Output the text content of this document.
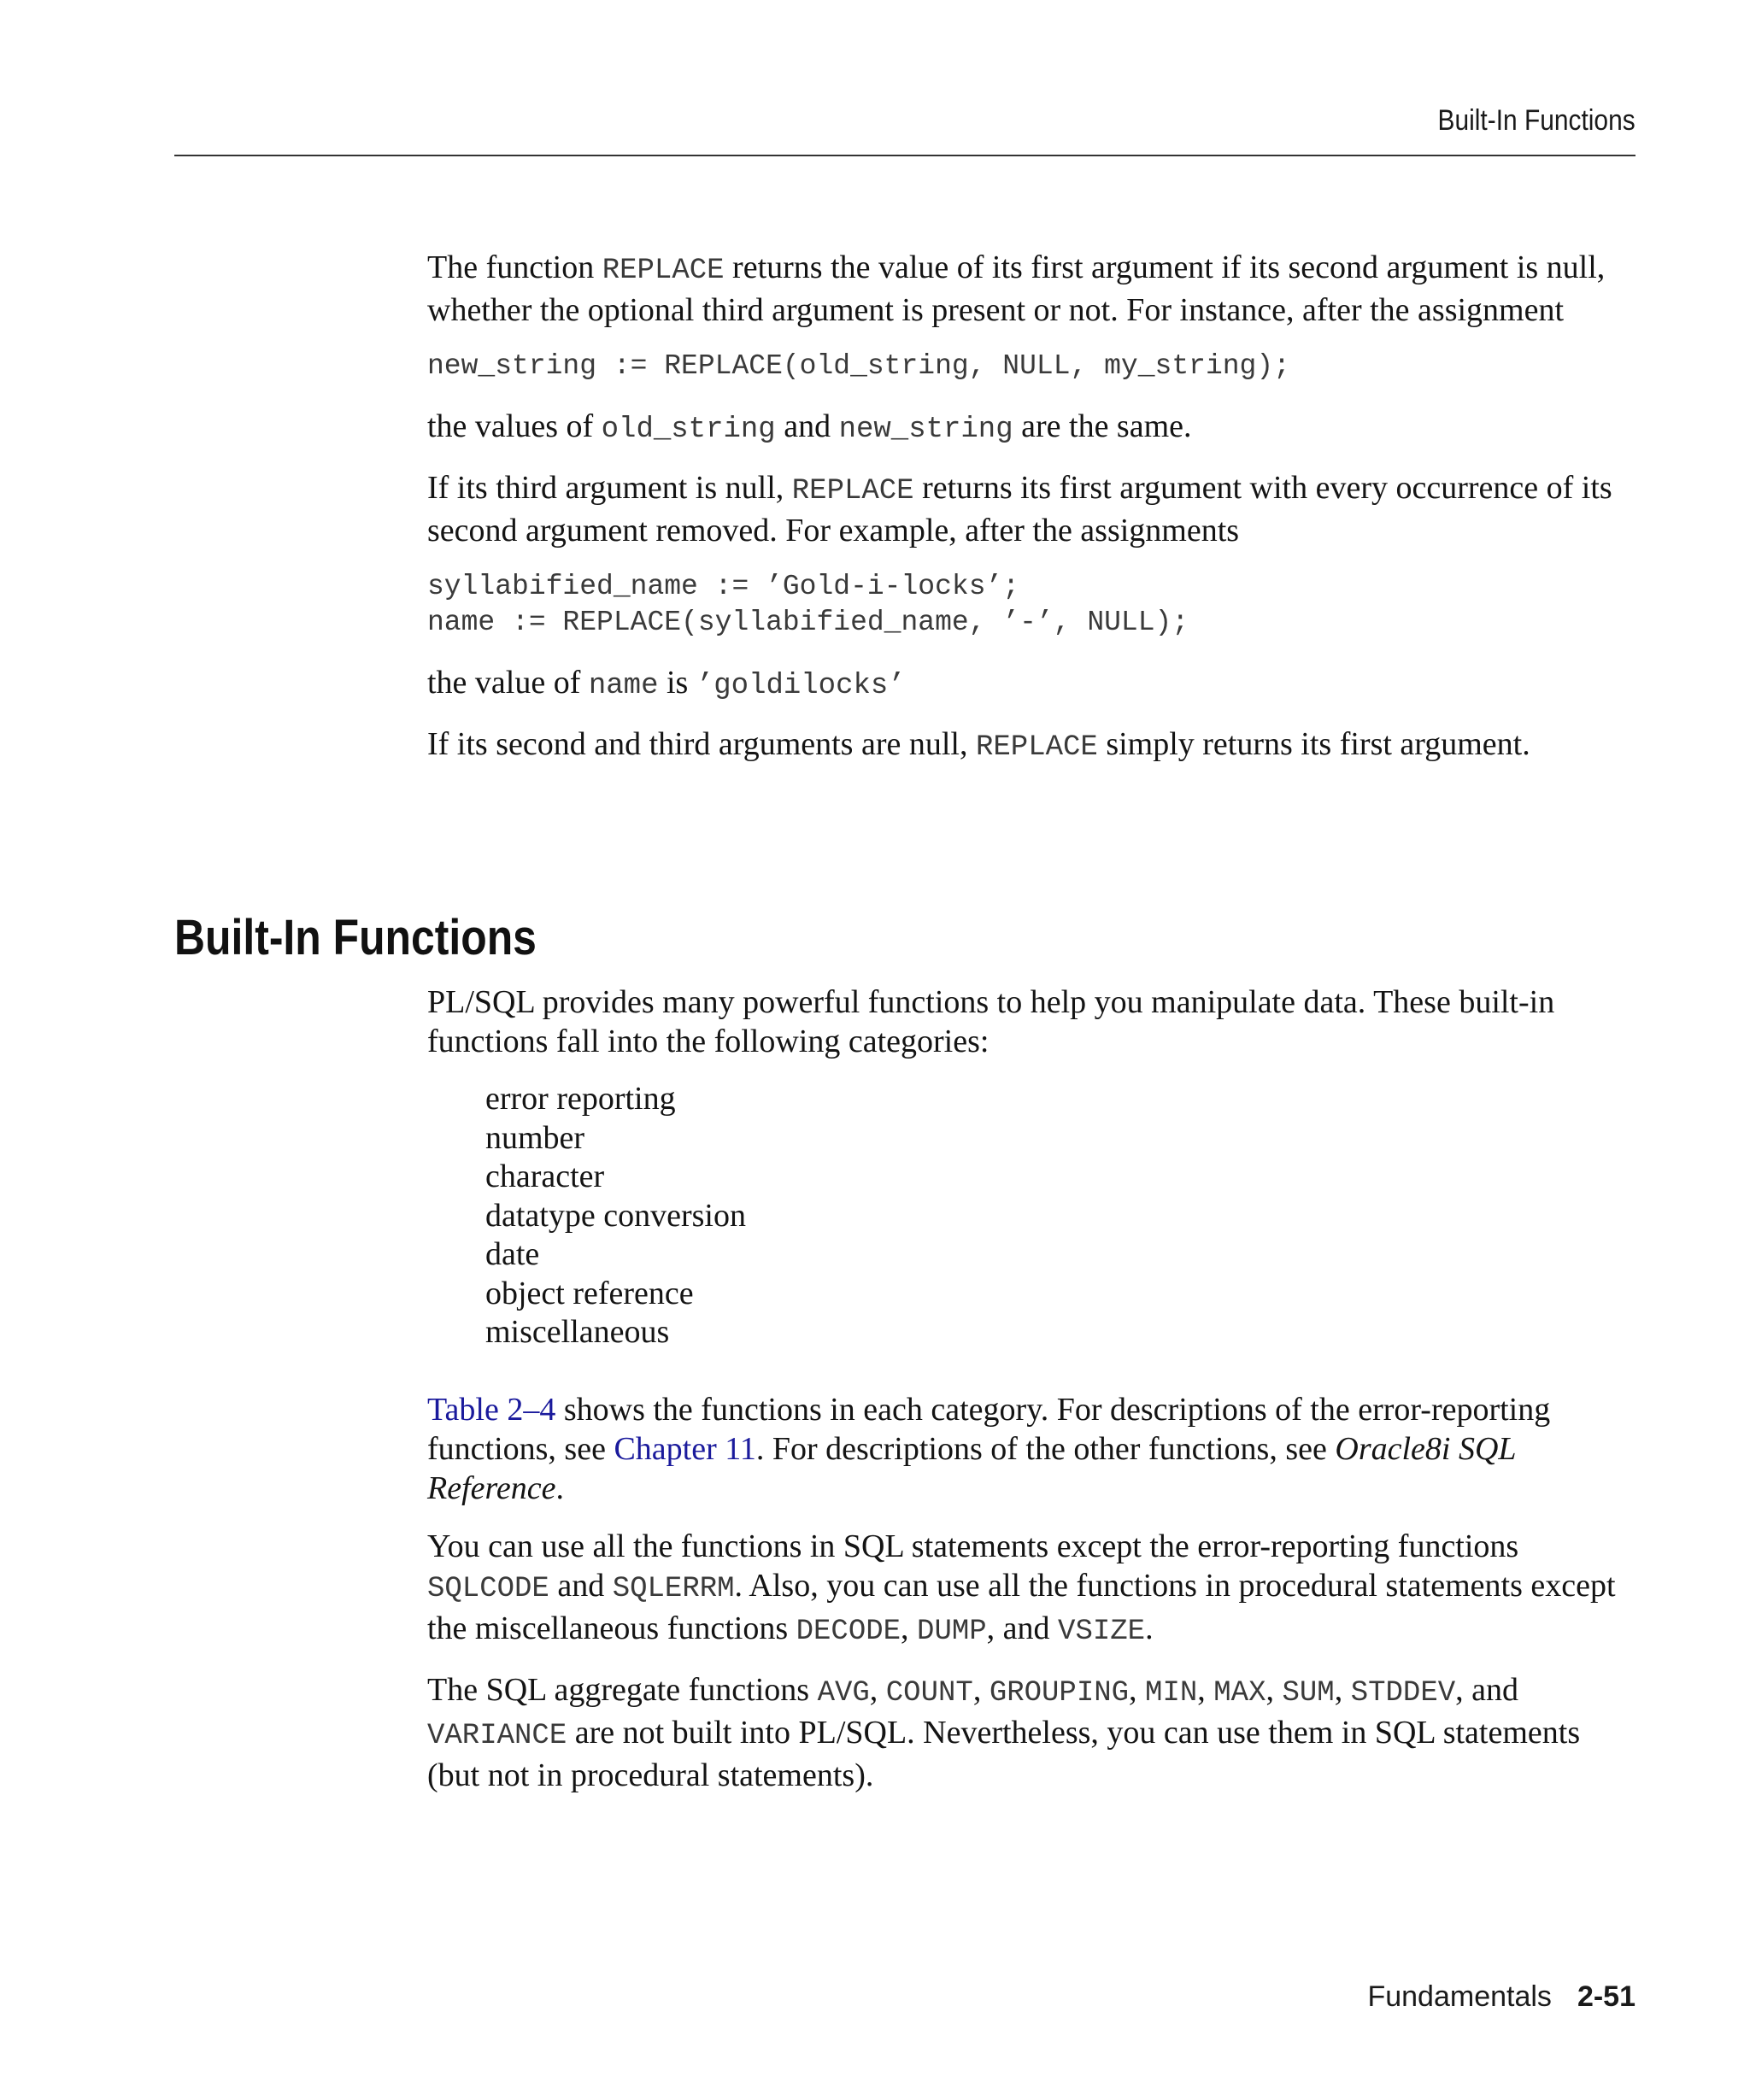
Built-In Functions

The function REPLACE returns the value of its first argument if its second argument is null, whether the optional third argument is present or not. For instance, after the assignment

new_string := REPLACE(old_string, NULL, my_string);

the values of old_string and new_string are the same.

If its third argument is null, REPLACE returns its first argument with every occurrence of its second argument removed. For example, after the assignments

syllabified_name := ’Gold-i-locks’;
name := REPLACE(syllabified_name, ’-’, NULL);

the value of name is ’goldilocks’

If its second and third arguments are null, REPLACE simply returns its first argument.

Built-In Functions

PL/SQL provides many powerful functions to help you manipulate data. These built-in functions fall into the following categories:

error reporting
number
character
datatype conversion
date
object reference
miscellaneous

Table 2–4 shows the functions in each category. For descriptions of the error-reporting functions, see Chapter 11. For descriptions of the other functions, see Oracle8i SQL Reference.

You can use all the functions in SQL statements except the error-reporting functions SQLCODE and SQLERRM. Also, you can use all the functions in procedural statements except the miscellaneous functions DECODE, DUMP, and VSIZE.

The SQL aggregate functions AVG, COUNT, GROUPING, MIN, MAX, SUM, STDDEV, and VARIANCE are not built into PL/SQL. Nevertheless, you can use them in SQL statements (but not in procedural statements).

Fundamentals 2-51
